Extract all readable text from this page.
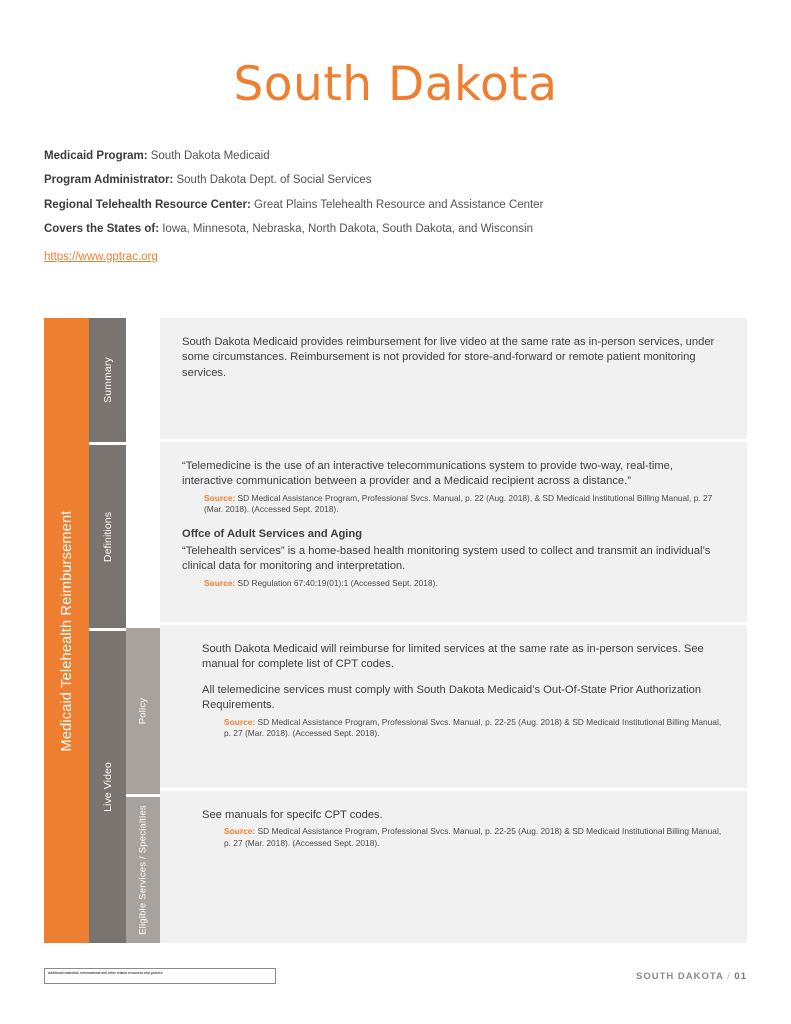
South Dakota
Medicaid Program: South Dakota Medicaid
Program Administrator: South Dakota Dept. of Social Services
Regional Telehealth Resource Center: Great Plains Telehealth Resource and Assistance Center
Covers the States of: Iowa, Minnesota, Nebraska, North Dakota, South Dakota, and Wisconsin
https://www.gptrac.org
Medicaid Telehealth Reimbursement
Summary
Definitions
Live Video
Policy
Eligible Services / Specialties

South Dakota Medicaid provides reimbursement for live video at the same rate as in-person services, under some circumstances. Reimbursement is not provided for store-and-forward or remote patient monitoring services.

“Telemedicine is the use of an interactive telecommunications system to provide two-way, real-time, interactive communication between a provider and a Medicaid recipient across a distance.”

Source: SD Medical Assistance Program, Professional Svcs. Manual, p. 22 (Aug. 2018), & SD Medicaid Institutional Billing Manual, p. 27 (Mar. 2018). (Accessed Sept. 2018).

Offce of Adult Services and Aging

“Telehealth services” is a home-based health monitoring system used to collect and transmit an individual’s clinical data for monitoring and interpretation.

Source: SD Regulation 67:40:19(01):1 (Accessed Sept. 2018).

South Dakota Medicaid will reimburse for limited services at the same rate as in-person services. See manual for complete list of CPT codes.

All telemedicine services must comply with South Dakota Medicaid’s Out-Of-State Prior Authorization Requirements.

Source: SD Medical Assistance Program, Professional Svcs. Manual, p. 22-25 (Aug. 2018) & SD Medicaid Institutional Billing Manual, p. 27 (Mar. 2018). (Accessed Sept. 2018).

See manuals for specifc CPT codes.

Source: SD Medical Assistance Program, Professional Svcs. Manual, p. 22-25 (Aug. 2018) & SD Medicaid Institutional Billing Manual, p. 27 (Mar. 2018). (Accessed Sept. 2018).
Additional materials, informational and other related resources and policies	SOUTH DAKOTA / 01
